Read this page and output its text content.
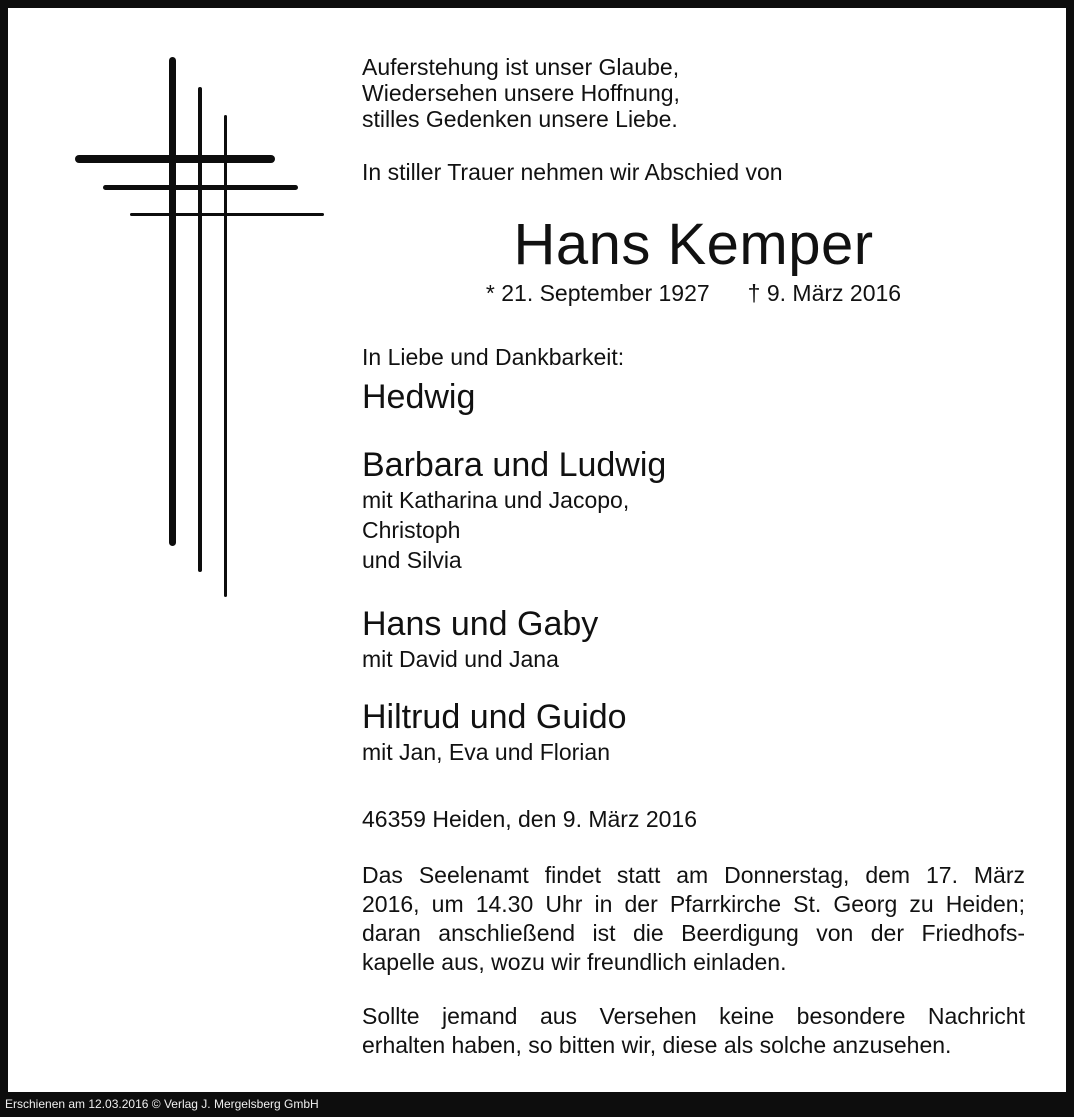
Auferstehung ist unser Glaube,
Wiedersehen unsere Hoffnung,
stilles Gedenken unsere Liebe.
In stiller Trauer nehmen wir Abschied von
Hans Kemper
* 21. September 1927 † 9. März 2016
In Liebe und Dankbarkeit:
Hedwig
Barbara und Ludwig
mit Katharina und Jacopo,
Christoph
und Silvia
Hans und Gaby
mit David und Jana
Hiltrud und Guido
mit Jan, Eva und Florian
46359 Heiden, den 9. März 2016
Das Seelenamt findet statt am Donnerstag, dem 17. März
2016, um 14.30 Uhr in der Pfarrkirche St. Georg zu Heiden;
daran anschließend ist die Beerdigung von der Friedhofs-
kapelle aus, wozu wir freundlich einladen.
Sollte jemand aus Versehen keine besondere Nachricht
erhalten haben, so bitten wir, diese als solche anzusehen.
Erschienen am 12.03.2016 © Verlag J. Mergelsberg GmbH
